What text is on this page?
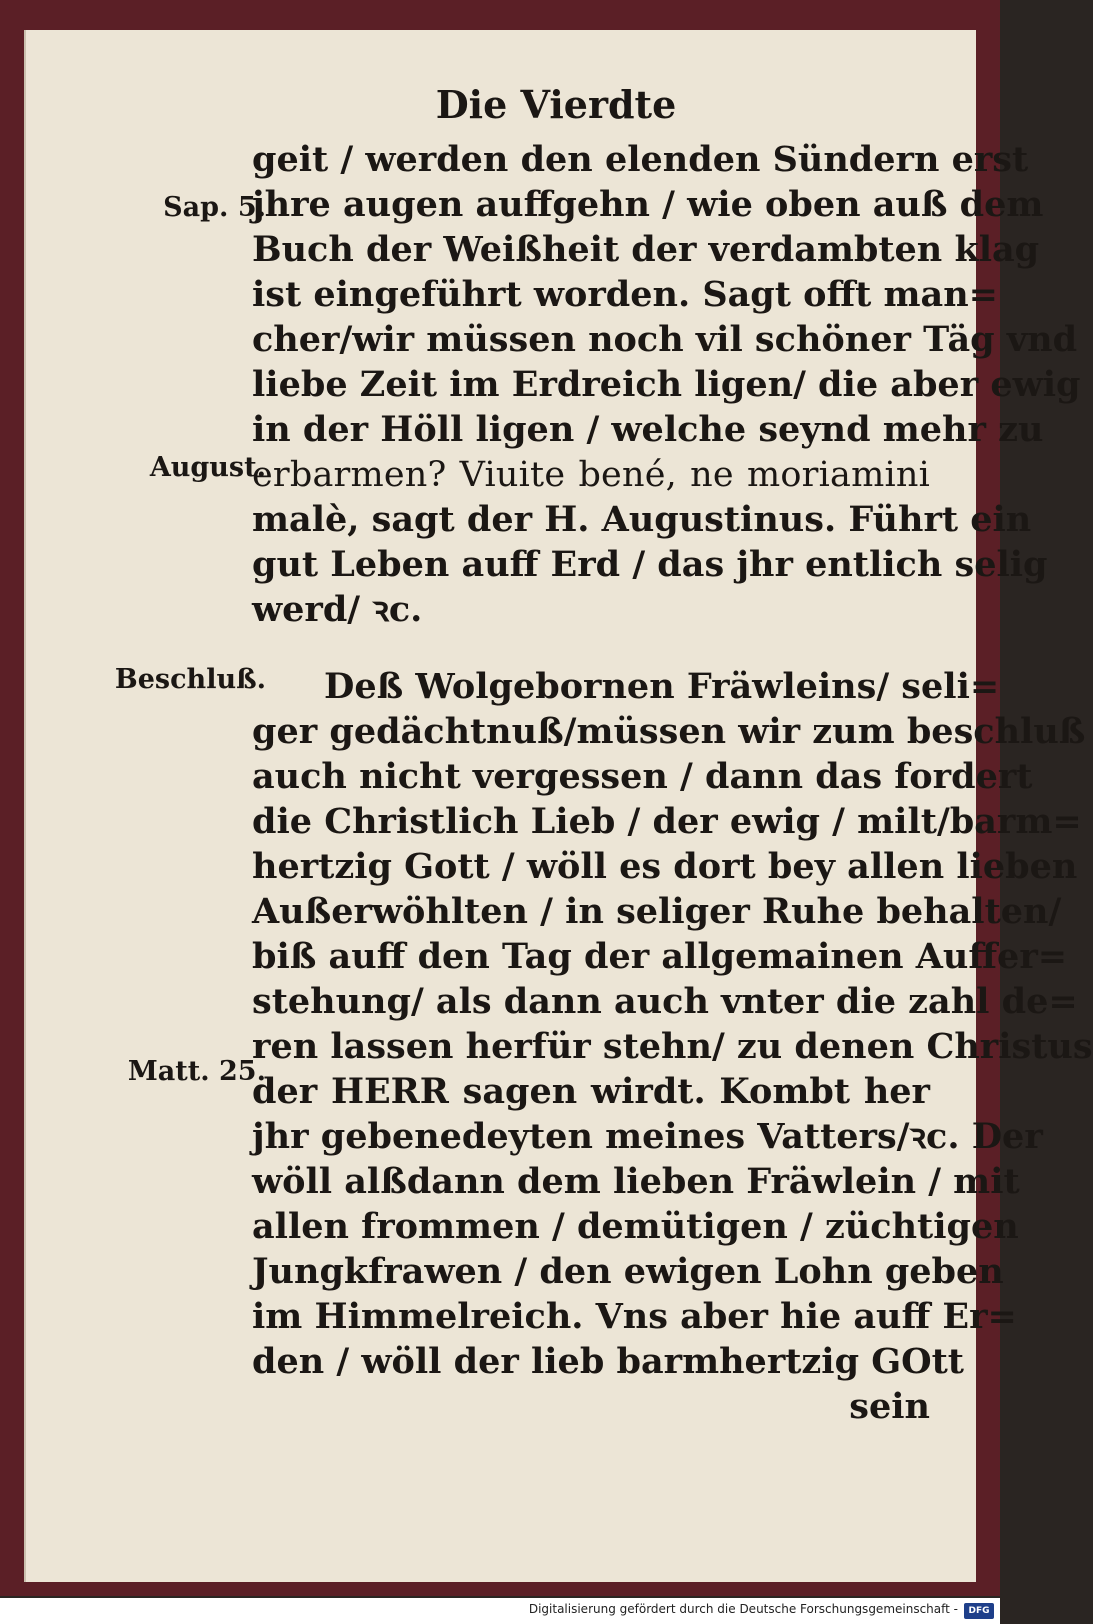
Die Vierdte
Sap. 5.
August.
Beschluß.
Matt. 25.
geit / werden den elenden Sündern erst
jhre augen auffgehn / wie oben auß dem
Buch der Weißheit der verdambten klag
ist eingeführt worden. Sagt offt man=
cher/wir müssen noch vil schöner Täg vnd
liebe Zeit im Erdreich ligen/ die aber ewig
in der Höll ligen / welche seynd mehr zu
erbarmen? Viuite bené, ne moriamini
malè, sagt der H. Augustinus. Führt ein
gut Leben auff Erd / das jhr entlich selig
werd/ ꝛc.
Deß Wolgebornen Fräwleins/ seli=
ger gedächtnuß/müssen wir zum beschluß
auch nicht vergessen / dann das fordert
die Christlich Lieb / der ewig / milt/barm=
hertzig Gott / wöll es dort bey allen lieben
Außerwöhlten / in seliger Ruhe behalten/
biß auff den Tag der allgemainen Auffer=
stehung/ als dann auch vnter die zahl de=
ren lassen herfür stehn/ zu denen Christus
der HERR sagen wirdt. Kombt her
jhr gebenedeyten meines Vatters/ꝛc. Der
wöll alßdann dem lieben Fräwlein / mit
allen frommen / demütigen / züchtigen
Jungkfrawen / den ewigen Lohn geben
im Himmelreich. Vns aber hie auff Er=
den / wöll der lieb barmhertzig GOtt
sein
Digitalisierung gefördert durch die Deutsche Forschungsgemeinschaft -	DFG
